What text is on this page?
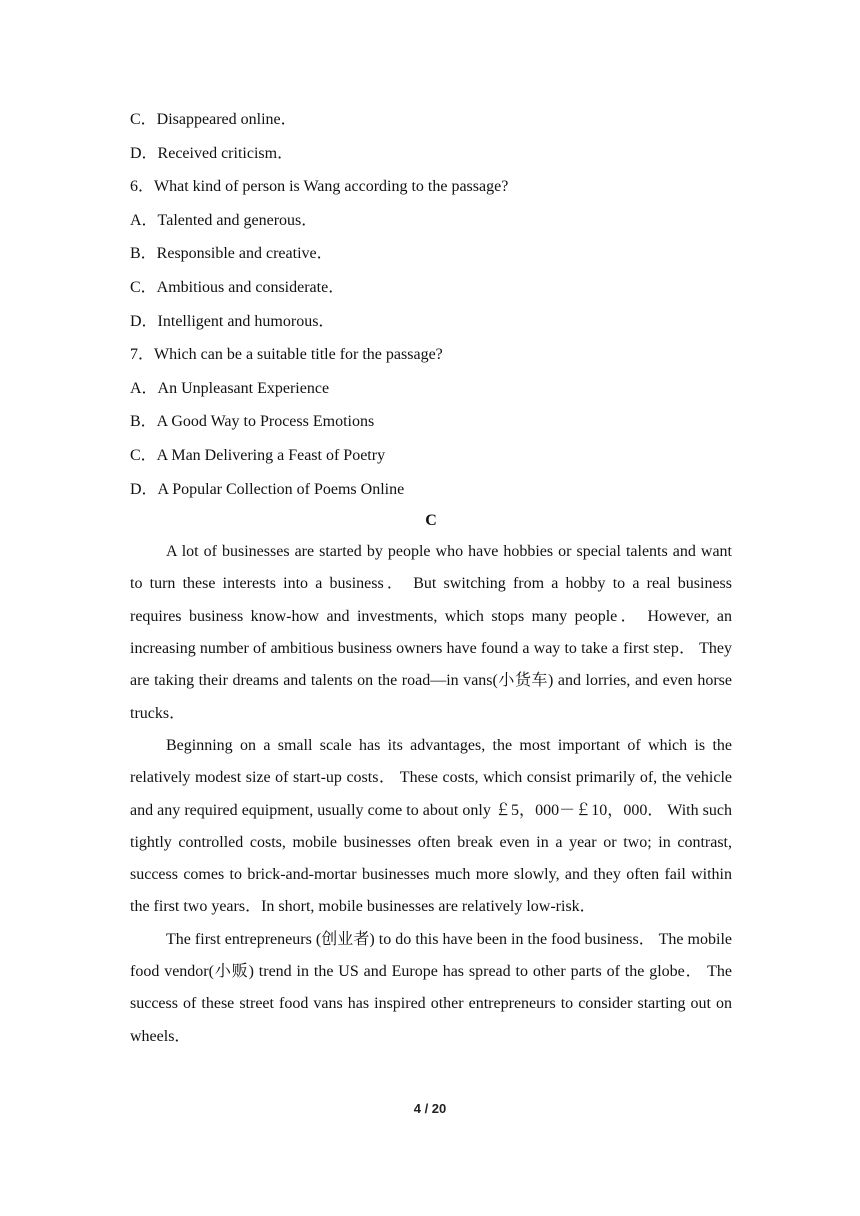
C．Disappeared online．
D．Received criticism．
6．What kind of person is Wang according to the passage?
A．Talented and generous．
B．Responsible and creative．
C．Ambitious and considerate．
D．Intelligent and humorous．
7．Which can be a suitable title for the passage?
A．An Unpleasant Experience
B．A Good Way to Process Emotions
C．A Man Delivering a Feast of Poetry
D．A Popular Collection of Poems Online
C

A lot of businesses are started by people who have hobbies or special talents and want to turn these interests into a business． But switching from a hobby to a real business requires business know-how and investments, which stops many people． However, an increasing number of ambitious business owners have found a way to take a first step． They are taking their dreams and talents on the road—in vans(小货车) and lorries, and even horse trucks．

Beginning on a small scale has its advantages, the most important of which is the relatively modest size of start-up costs． These costs, which consist primarily of, the vehicle and any required equipment, usually come to about only ￡5，000－￡10，000． With such tightly controlled costs, mobile businesses often break even in a year or two; in contrast, success comes to brick-and-mortar businesses much more slowly, and they often fail within the first two years．In short, mobile businesses are relatively low-risk．

The first entrepreneurs (创业者) to do this have been in the food business． The mobile food vendor(小贩) trend in the US and Europe has spread to other parts of the globe． The success of these street food vans has inspired other entrepreneurs to consider starting out on wheels．

4 / 20
